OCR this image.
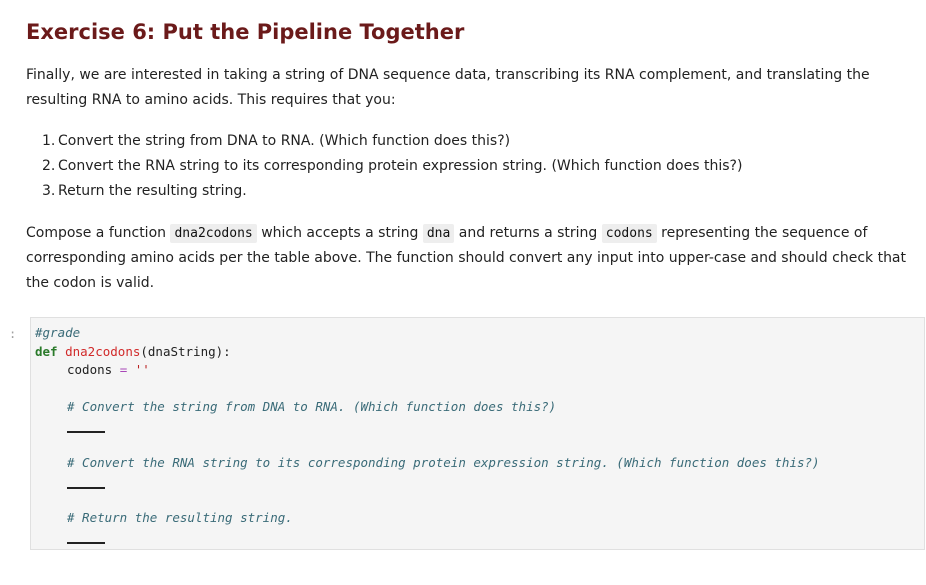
Exercise 6: Put the Pipeline Together

Finally, we are interested in taking a string of DNA sequence data, transcribing its RNA complement, and translating the resulting RNA to amino acids. This requires that you:

1. Convert the string from DNA to RNA. (Which function does this?)
2. Convert the RNA string to its corresponding protein expression string. (Which function does this?)
3. Return the resulting string.

Compose a function dna2codons which accepts a string dna and returns a string codons representing the sequence of corresponding amino acids per the table above. The function should convert any input into upper-case and should check that the codon is valid.

: #grade
def dna2codons(dnaString):
codons = ''
# Convert the string from DNA to RNA. (Which function does this?)
# Convert the RNA string to its corresponding protein expression string. (Which function does this?)
# Return the resulting string.
